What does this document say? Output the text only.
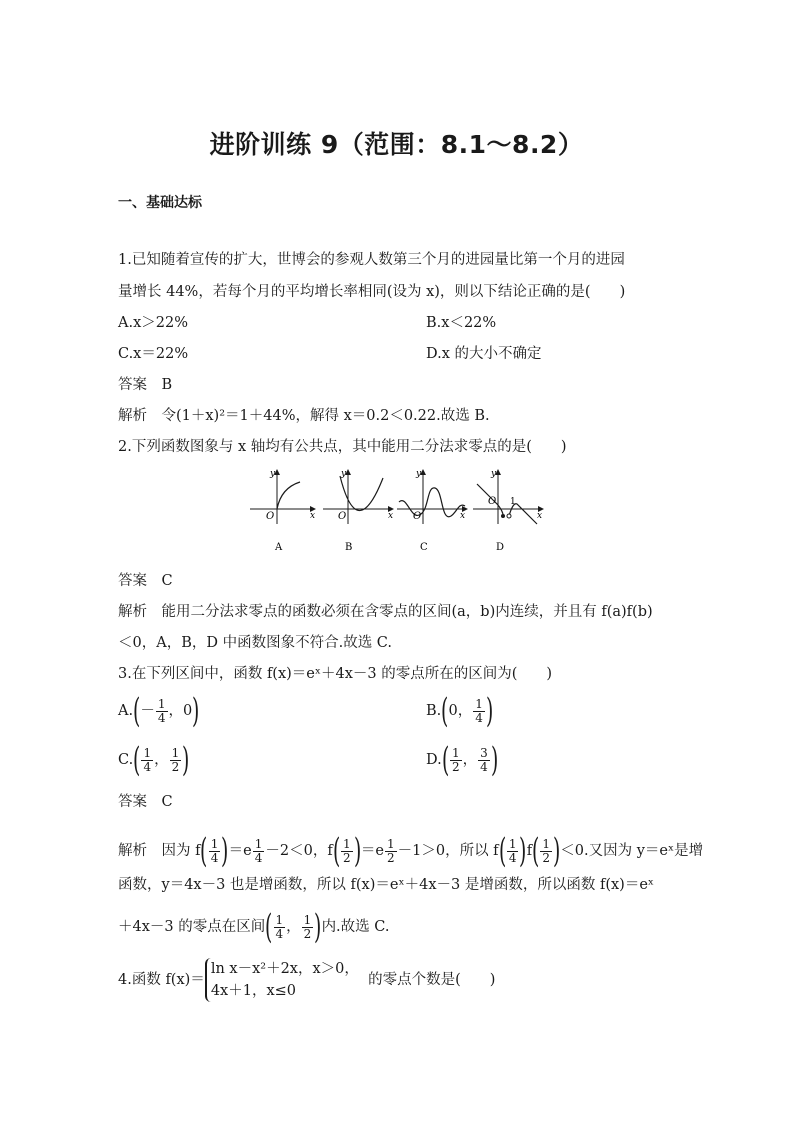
进阶训练 9（范围：8.1～8.2）
一、基础达标
1.已知随着宣传的扩大，世博会的参观人数第三个月的进园量比第一个月的进园
量增长 44%，若每个月的平均增长率相同(设为 x)，则以下结论正确的是(　　)
A.x＞22%	B.x＜22%
C.x＝22%	D.x 的大小不确定
答案　B
解析　令(1＋x)²＝1＋44%，解得 x＝0.2＜0.22.故选 B.
2.下列函数图象与 x 轴均有公共点，其中能用二分法求零点的是(　　)
x
y
O
A
x
y
O
B
x
y
O
C
x
y
O 1
D
答案　C
解析　能用二分法求零点的函数必须在含零点的区间(a，b)内连续，并且有 f(a)f(b)
＜0，A，B，D 中函数图象不符合.故选 C.
3.在下列区间中，函数 f(x)＝eˣ＋4x－3 的零点所在的区间为(　　)
$A.(- \frac{1}{4}$ ，0)	B.(0， $\frac{1}{4}$ )
$C.( \frac{1}{4}$ ， $\frac{1}{2}$ )	$D.( \frac{1}{2}$ ， $\frac{3}{4}$ )
答案　C
解析　因为 $f( \frac{1}{4} )=e \frac{1}{4} -2<0$，$f( \frac{1}{2} )=e \frac{1}{2} -1>0$，所以 $f( \frac{1}{4} )f( \frac{1}{2} )<0$.又因为 y＝eˣ是增
函数，y＝4x－3 也是增函数，所以 f(x)＝eˣ＋4x－3 是增函数，所以函数 f(x)＝eˣ
＋4x－3 的零点在区间( $\frac{1}{4}$ ， $\frac{1}{2}$ )内.故选 C.
4.函数 f(x)＝
ln x－x²＋2x，x＞0，
4x＋1，x≤0
的零点个数是(　　)
